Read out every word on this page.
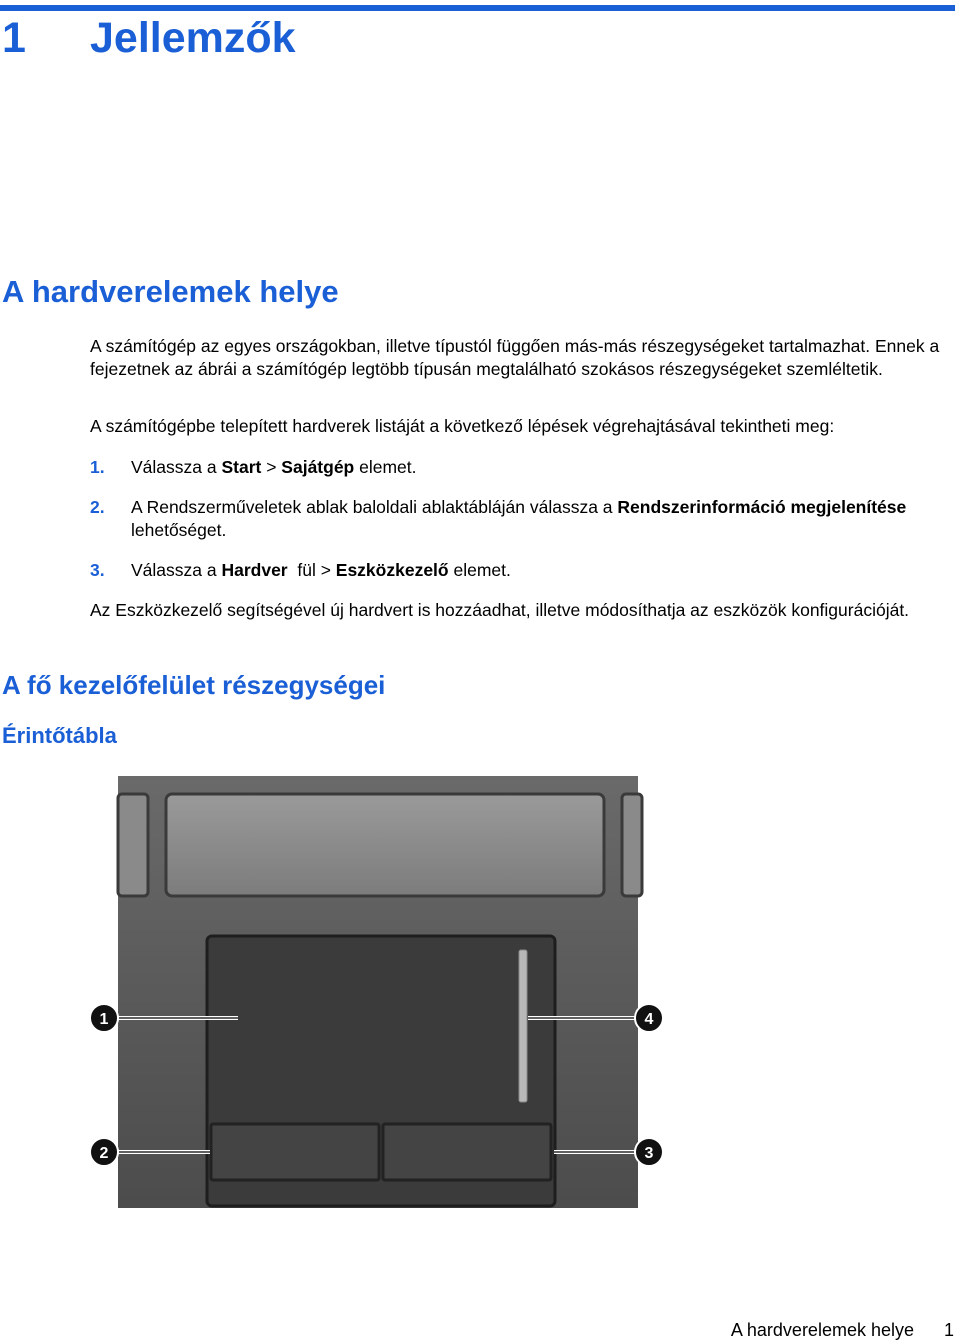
1 Jellemzők
A hardverelemek helye

A számítógép az egyes országokban, illetve típustól függően más-más részegységeket tartalmazhat. Ennek a fejezetnek az ábrái a számítógép legtöbb típusán megtalálható szokásos részegységeket szemléltetik.

A számítógépbe telepített hardverek listáját a következő lépések végrehajtásával tekintheti meg:

1. Válassza a Start > Sajátgép elemet.
2. A Rendszerműveletek ablak baloldali ablaktábláján válassza a Rendszerinformáció megjelenítése lehetőséget.
3. Válassza a Hardver  fül > Eszközkezelő elemet.

Az Eszközkezelő segítségével új hardvert is hozzáadhat, illetve módosíthatja az eszközök konfigurációját.

A fő kezelőfelület részegységei
Érintőtábla
1
2	3
4
A hardverelemek helye 1
